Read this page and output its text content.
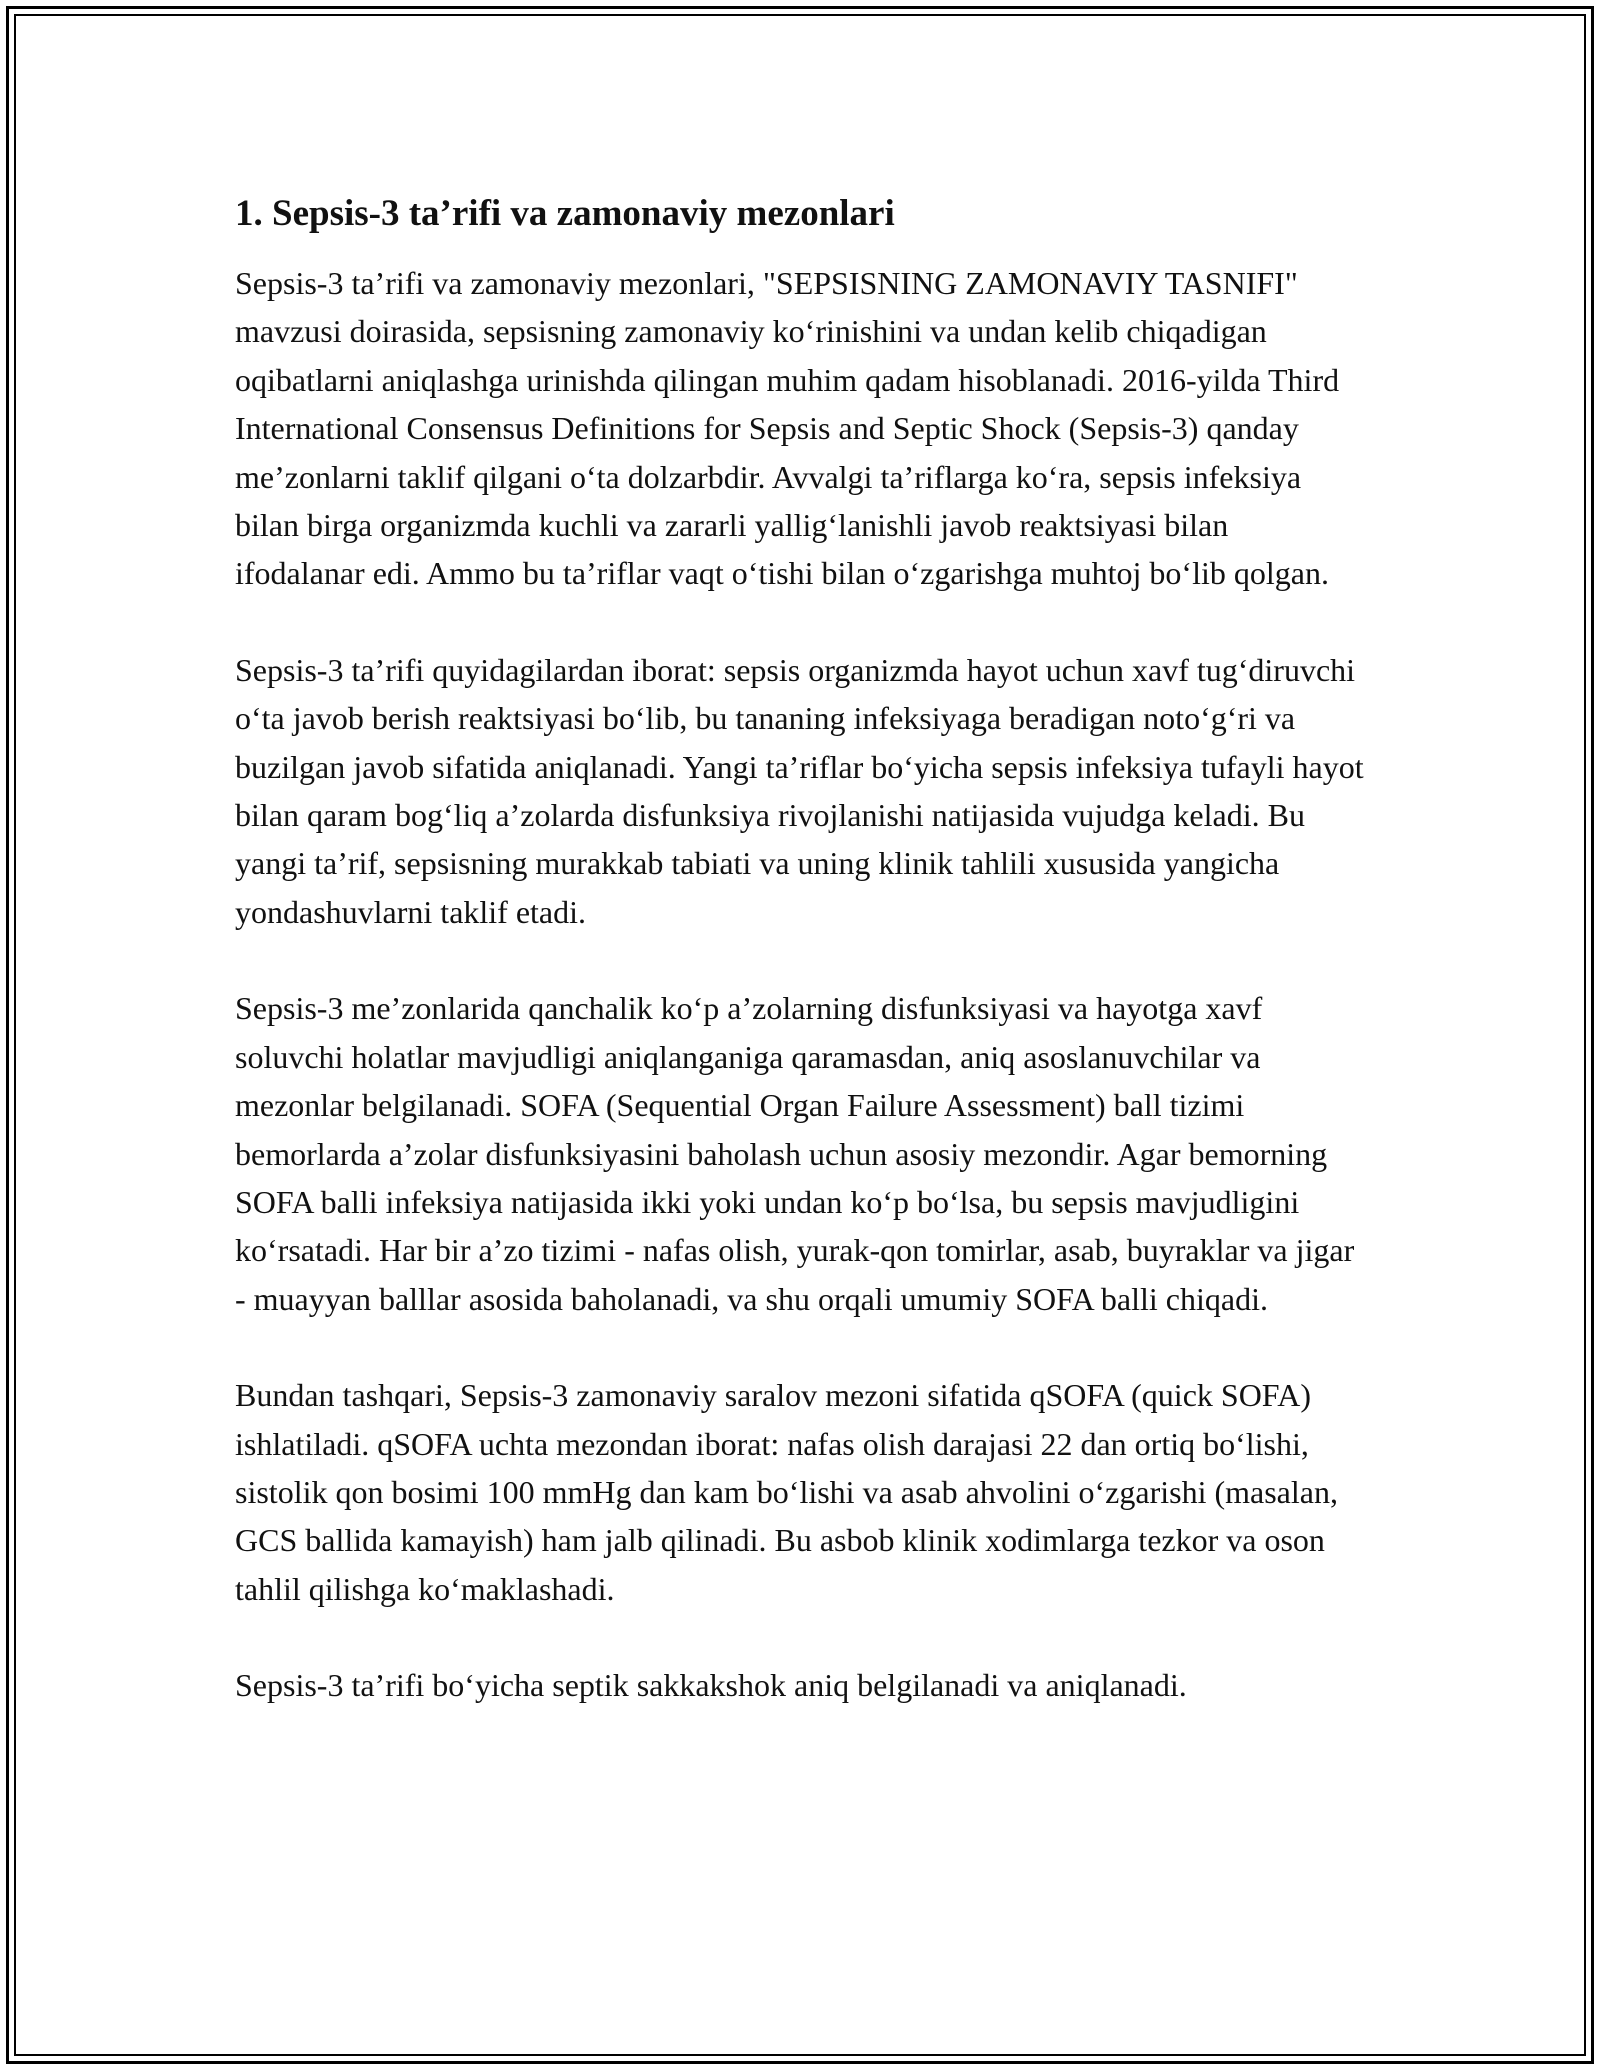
1. Sepsis-3 ta’rifi va zamonaviy mezonlari

Sepsis-3 ta’rifi va zamonaviy mezonlari, "SEPSISNING ZAMONAVIY TASNIFI" mavzusi doirasida, sepsisning zamonaviy ko‘rinishini va undan kelib chiqadigan oqibatlarni aniqlashga urinishda qilingan muhim qadam hisoblanadi. 2016-yilda Third International Consensus Definitions for Sepsis and Septic Shock (Sepsis-3) qanday me’zonlarni taklif qilgani o‘ta dolzarbdir. Avvalgi ta’riflarga ko‘ra, sepsis infeksiya bilan birga organizmda kuchli va zararli yallig‘lanishli javob reaktsiyasi bilan ifodalanar edi. Ammo bu ta’riflar vaqt o‘tishi bilan o‘zgarishga muhtoj bo‘lib qolgan.

Sepsis-3 ta’rifi quyidagilardan iborat: sepsis organizmda hayot uchun xavf tug‘diruvchi o‘ta javob berish reaktsiyasi bo‘lib, bu tananing infeksiyaga beradigan noto‘g‘ri va buzilgan javob sifatida aniqlanadi. Yangi ta’riflar bo‘yicha sepsis infeksiya tufayli hayot bilan qaram bog‘liq a’zolarda disfunksiya rivojlanishi natijasida vujudga keladi. Bu yangi ta’rif, sepsisning murakkab tabiati va uning klinik tahlili xususida yangicha yondashuvlarni taklif etadi.

Sepsis-3 me’zonlarida qanchalik ko‘p a’zolarning disfunksiyasi va hayotga xavf soluvchi holatlar mavjudligi aniqlanganiga qaramasdan, aniq asoslanuvchilar va mezonlar belgilanadi. SOFA (Sequential Organ Failure Assessment) ball tizimi bemorlarda a’zolar disfunksiyasini baholash uchun asosiy mezondir. Agar bemorning SOFA balli infeksiya natijasida ikki yoki undan ko‘p bo‘lsa, bu sepsis mavjudligini ko‘rsatadi. Har bir a’zo tizimi - nafas olish, yurak-qon tomirlar, asab, buyraklar va jigar - muayyan balllar asosida baholanadi, va shu orqali umumiy SOFA balli chiqadi.

Bundan tashqari, Sepsis-3 zamonaviy saralov mezoni sifatida qSOFA (quick SOFA) ishlatiladi. qSOFA uchta mezondan iborat: nafas olish darajasi 22 dan ortiq bo‘lishi, sistolik qon bosimi 100 mmHg dan kam bo‘lishi va asab ahvolini o‘zgarishi (masalan, GCS ballida kamayish) ham jalb qilinadi. Bu asbob klinik xodimlarga tezkor va oson tahlil qilishga ko‘maklashadi.

Sepsis-3 ta’rifi bo‘yicha septik sakkakshok aniq belgilanadi va aniqlanadi.
